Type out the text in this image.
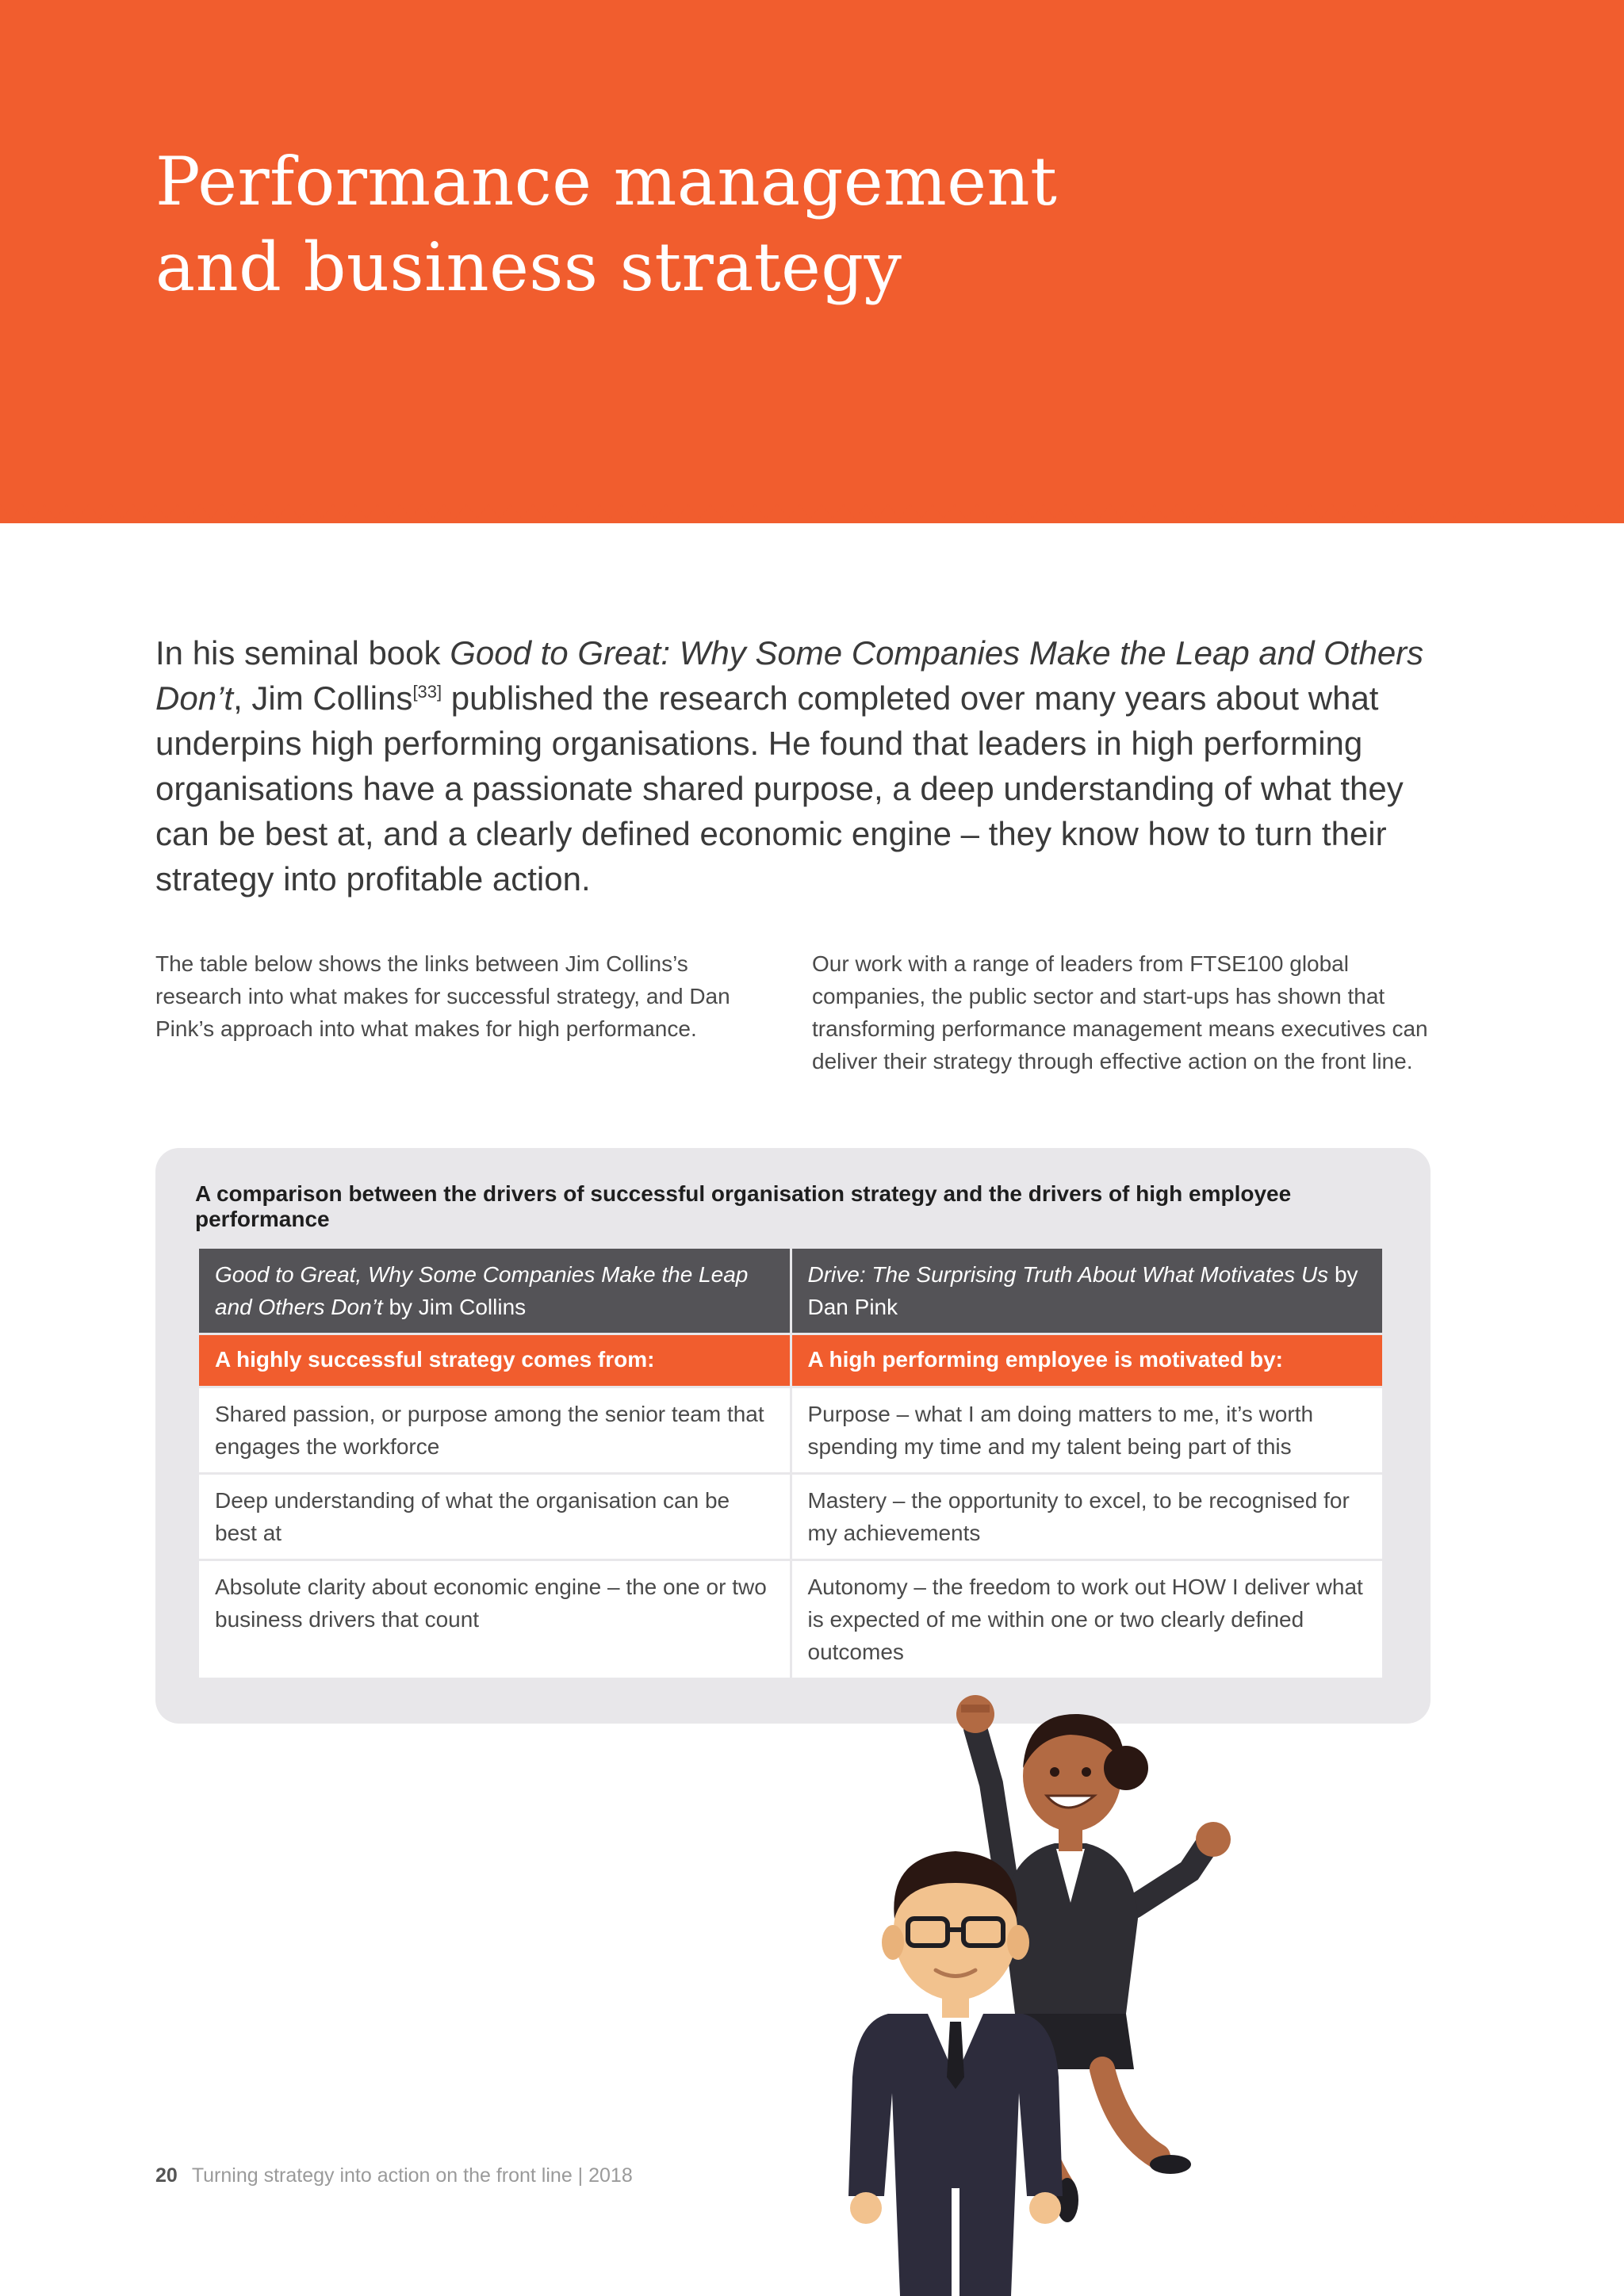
Performance management
and business strategy

In his seminal book Good to Great: Why Some Companies Make the Leap and Others Don’t, Jim Collins[33] published the research completed over many years about what underpins high performing organisations. He found that leaders in high performing organisations have a passionate shared purpose, a deep understanding of what they can be best at, and a clearly defined economic engine – they know how to turn their strategy into profitable action.

The table below shows the links between Jim Collins’s research into what makes for successful strategy, and Dan Pink’s approach into what makes for high performance.

Our work with a range of leaders from FTSE100 global companies, the public sector and start-ups has shown that transforming performance management means executives can deliver their strategy through effective action on the front line.

A comparison between the drivers of successful organisation strategy and the drivers of high employee performance
Good to Great, Why Some Companies Make the Leap and Others Don’t by Jim Collins	Drive: The Surprising Truth About What Motivates Us by Dan Pink
A highly successful strategy comes from:	A high performing employee is motivated by:
Shared passion, or purpose among the senior team that engages the workforce	Purpose – what I am doing matters to me, it’s worth spending my time and my talent being part of this
Deep understanding of what the organisation can be best at	Mastery – the opportunity to excel, to be recognised for my achievements
Absolute clarity about economic engine – the one or two business drivers that count	Autonomy – the freedom to work out HOW I deliver what is expected of me within one or two clearly defined outcomes
20 Turning strategy into action on the front line | 2018
